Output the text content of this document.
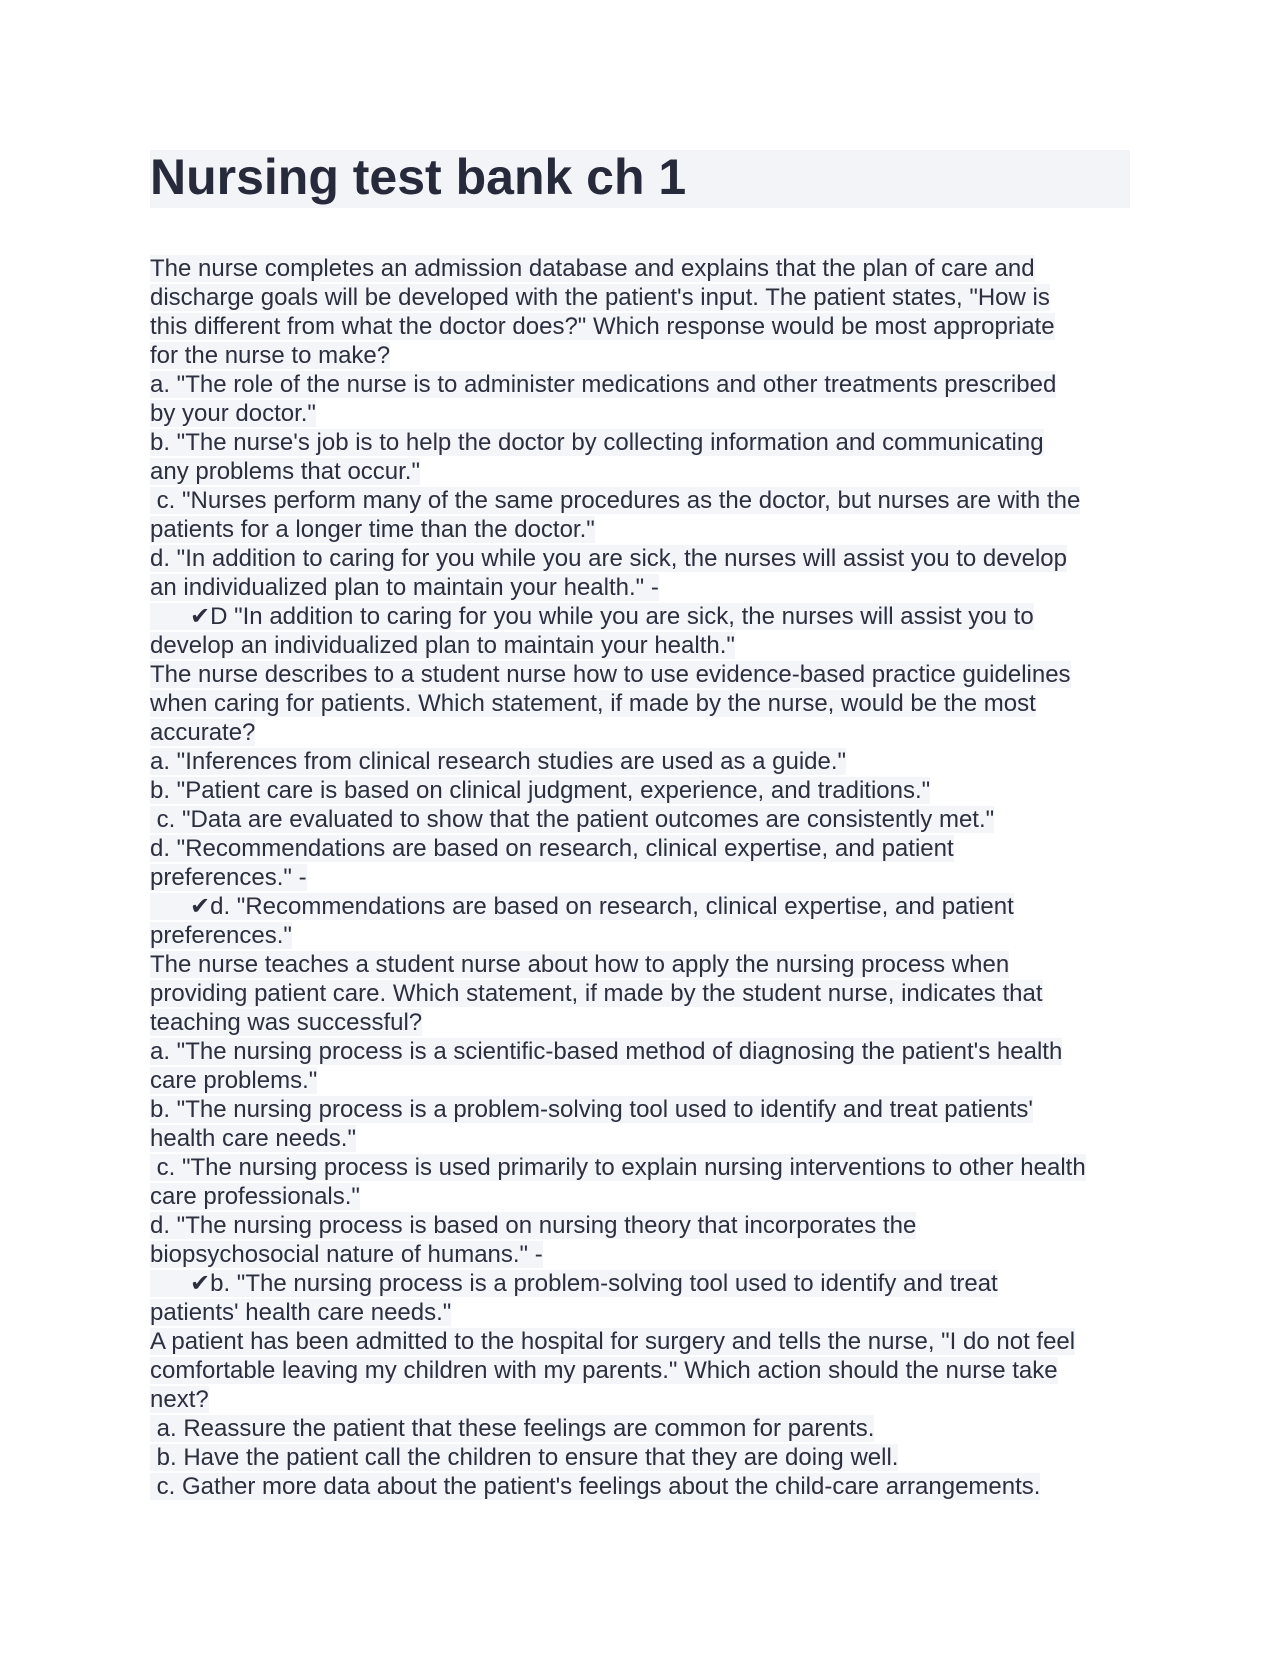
Nursing test bank ch 1
The nurse completes an admission database and explains that the plan of care and
discharge goals will be developed with the patient's input. The patient states, "How is
this different from what the doctor does?" Which response would be most appropriate
for the nurse to make?
a. "The role of the nurse is to administer medications and other treatments prescribed
by your doctor."
b. "The nurse's job is to help the doctor by collecting information and communicating
any problems that occur."
c. "Nurses perform many of the same procedures as the doctor, but nurses are with the
patients for a longer time than the doctor."
d. "In addition to caring for you while you are sick, the nurses will assist you to develop
an individualized plan to maintain your health." -
✔D "In addition to caring for you while you are sick, the nurses will assist you to
develop an individualized plan to maintain your health."
The nurse describes to a student nurse how to use evidence-based practice guidelines
when caring for patients. Which statement, if made by the nurse, would be the most
accurate?
a. "Inferences from clinical research studies are used as a guide."
b. "Patient care is based on clinical judgment, experience, and traditions."
c. "Data are evaluated to show that the patient outcomes are consistently met."
d. "Recommendations are based on research, clinical expertise, and patient
preferences." -
✔d. "Recommendations are based on research, clinical expertise, and patient
preferences."
The nurse teaches a student nurse about how to apply the nursing process when
providing patient care. Which statement, if made by the student nurse, indicates that
teaching was successful?
a. "The nursing process is a scientific-based method of diagnosing the patient's health
care problems."
b. "The nursing process is a problem-solving tool used to identify and treat patients'
health care needs."
c. "The nursing process is used primarily to explain nursing interventions to other health
care professionals."
d. "The nursing process is based on nursing theory that incorporates the
biopsychosocial nature of humans." -
✔b. "The nursing process is a problem-solving tool used to identify and treat
patients' health care needs."
A patient has been admitted to the hospital for surgery and tells the nurse, "I do not feel
comfortable leaving my children with my parents." Which action should the nurse take
next?
a. Reassure the patient that these feelings are common for parents.
b. Have the patient call the children to ensure that they are doing well.
c. Gather more data about the patient's feelings about the child-care arrangements.
